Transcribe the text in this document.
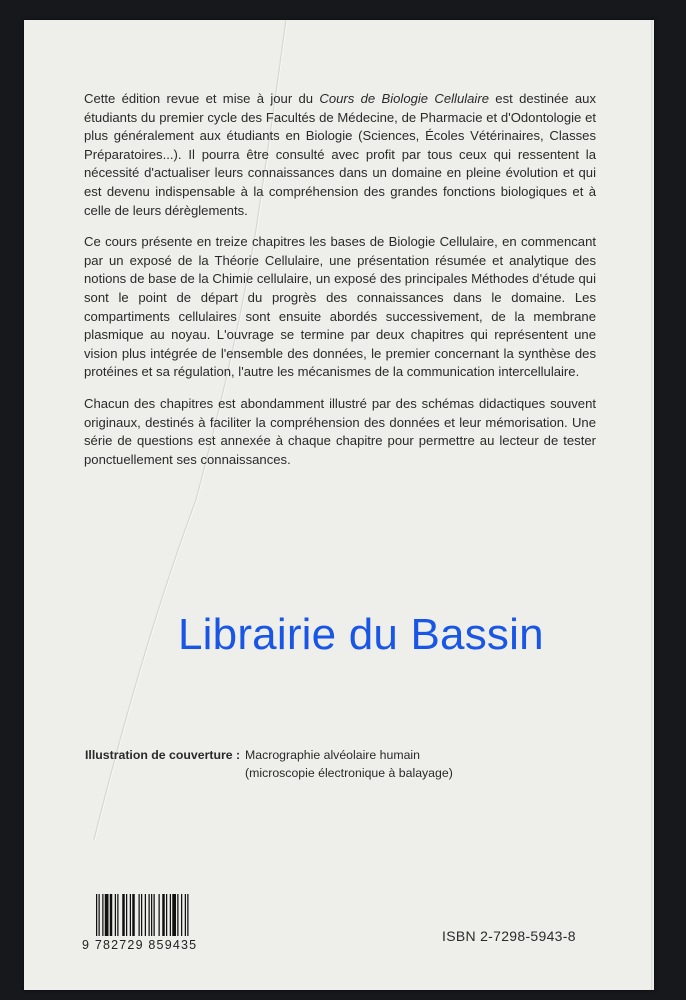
Cette édition revue et mise à jour du Cours de Biologie Cellulaire est destinée aux étudiants du premier cycle des Facultés de Médecine, de Pharmacie et d'Odontologie et plus généralement aux étudiants en Biologie (Sciences, Écoles Vétérinaires, Classes Préparatoires...). Il pourra être consulté avec profit par tous ceux qui ressentent la nécessité d'actualiser leurs connaissances dans un domaine en pleine évolution et qui est devenu indispensable à la compréhension des grandes fonctions biologiques et à celle de leurs dérèglements.

Ce cours présente en treize chapitres les bases de Biologie Cellulaire, en commencant par un exposé de la Théorie Cellulaire, une présentation résumée et analytique des notions de base de la Chimie cellulaire, un exposé des principales Méthodes d'étude qui sont le point de départ du progrès des connaissances dans le domaine. Les compartiments cellulaires sont ensuite abordés successivement, de la membrane plasmique au noyau. L'ouvrage se termine par deux chapitres qui représentent une vision plus intégrée de l'ensemble des données, le premier concernant la synthèse des protéines et sa régulation, l'autre les mécanismes de la communication intercellulaire.

Chacun des chapitres est abondamment illustré par des schémas didactiques souvent originaux, destinés à faciliter la compréhension des données et leur mémorisation. Une série de questions est annexée à chaque chapitre pour permettre au lecteur de tester ponctuellement ses connaissances.

Librairie du Bassin
Illustration de couverture : Macrographie alvéolaire humain
(microscopie électronique à balayage)
9 782729 859435
ISBN 2-7298-5943-8
